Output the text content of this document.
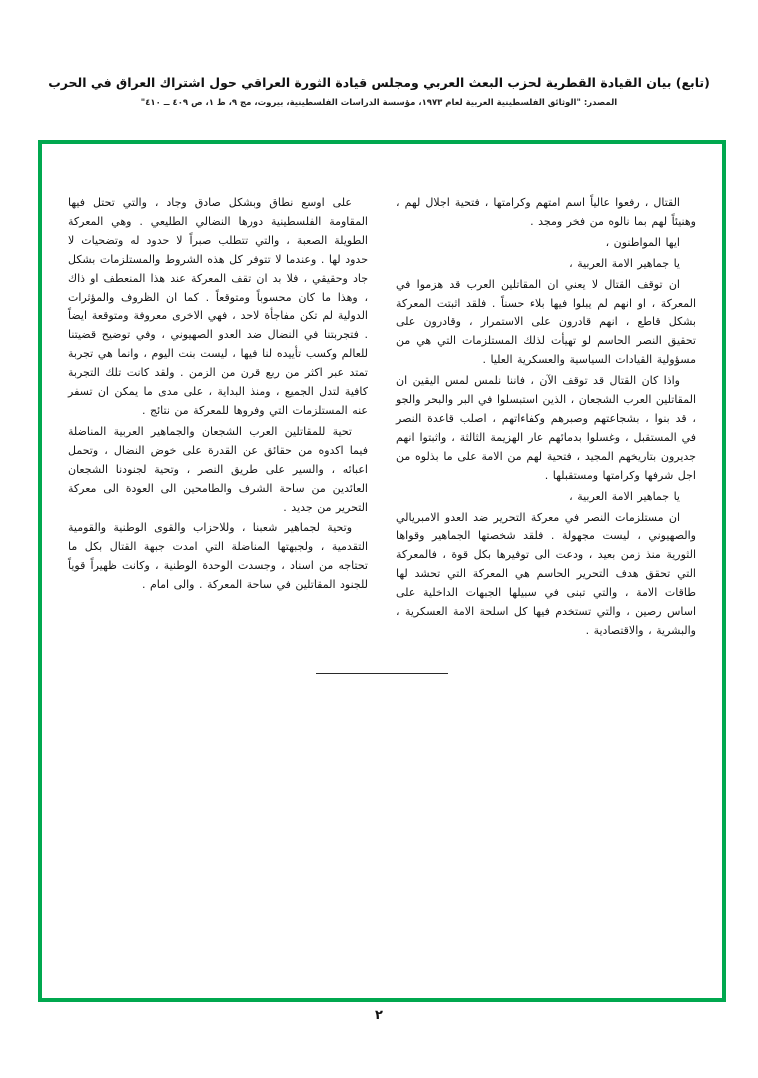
(تابع) بيان القيادة القطرية لحزب البعث العربي ومجلس قيادة الثورة العراقي حول اشتراك العراق في الحرب
المصدر: "الوثائق الفلسطينية العربية لعام ١٩٧٣، مؤسسة الدراسات الفلسطينية، بيروت، مج ٩، ط ١، ص ٤٠٩ ــ ٤١٠"

القتال ، رفعوا عالياً اسم امتهم وكرامتها ، فتحية اجلال لهم ، وهنيئاً لهم بما نالوه من فخر ومجد .

ايها المواطنون ،

يا جماهير الامة العربية ،

ان توقف القتال لا يعني ان المقاتلين العرب قد هزموا في المعركة ، او انهم لم يبلوا فيها بلاء حسناً . فلقد اثبتت المعركة بشكل قاطع ، انهم قادرون على الاستمرار ، وقادرون على تحقيق النصر الحاسم لو تهيأت لذلك المستلزمات التي هي من مسؤولية القيادات السياسية والعسكرية العليا .

واذا كان القتال قد توقف الآن ، فاننا نلمس لمس اليقين ان المقاتلين العرب الشجعان ، الذين استبسلوا في البر والبحر والجو ، قد بنوا ، بشجاعتهم وصبرهم وكفاءاتهم ، اصلب قاعدة النصر في المستقبل ، وغسلوا بدمائهم عار الهزيمة الثالثة ، واثبتوا انهم جديرون بتاريخهم المجيد ، فتحية لهم من الامة على ما بذلوه من اجل شرفها وكرامتها ومستقبلها .

يا جماهير الامة العربية ،

ان مستلزمات النصر في معركة التحرير ضد العدو الامبريالي والصهيوني ، ليست مجهولة . فلقد شخصتها الجماهير وقواها الثورية منذ زمن بعيد ، ودعت الى توفيرها بكل قوة ، فالمعركة التي تحقق هدف التحرير الحاسم هي المعركة التي تحشد لها طاقات الامة ، والتي تبنى في سبيلها الجبهات الداخلية على اساس رصين ، والتي تستخدم فيها كل اسلحة الامة العسكرية ، والبشرية ، والاقتصادية .

على اوسع نطاق وبشكل صادق وجاد ، والتي تحتل فيها المقاومة الفلسطينية دورها النضالي الطليعي . وهي المعركة الطويلة الصعبة ، والتي تتطلب صبراً لا حدود له وتضحيات لا حدود لها . وعندما لا تتوفر كل هذه الشروط والمستلزمات بشكل جاد وحقيقي ، فلا بد ان تقف المعركة عند هذا المنعطف او ذاك ، وهذا ما كان محسوباً ومتوقعاً . كما ان الظروف والمؤثرات الدولية لم تكن مفاجأة لاحد ، فهي الاخرى معروفة ومتوقعة ايضاً . فتجربتنا في النضال ضد العدو الصهيوني ، وفي توضيح قضيتنا للعالم وكسب تأييده لنا فيها ، ليست بنت اليوم ، وانما هي تجربة تمتد عبر اكثر من ربع قرن من الزمن . ولقد كانت تلك التجربة كافية لتدل الجميع ، ومنذ البداية ، على مدى ما يمكن ان تسفر عنه المستلزمات التي وفروها للمعركة من نتائج .

تحية للمقاتلين العرب الشجعان والجماهير العربية المناضلة فيما اكدوه من حقائق عن القدرة على خوض النضال ، وتحمل اعبائه ، والسير على طريق النصر ، وتحية لجنودنا الشجعان العائدين من ساحة الشرف والطامحين الى العودة الى معركة التحرير من جديد .

وتحية لجماهير شعبنا ، وللاحزاب والقوى الوطنية والقومية التقدمية ، ولجبهتها المناضلة التي امدت جبهة القتال بكل ما تحتاجه من اسناد ، وجسدت الوحدة الوطنية ، وكانت ظهيراً قوياً للجنود المقاتلين في ساحة المعركة . والى امام .

٢
